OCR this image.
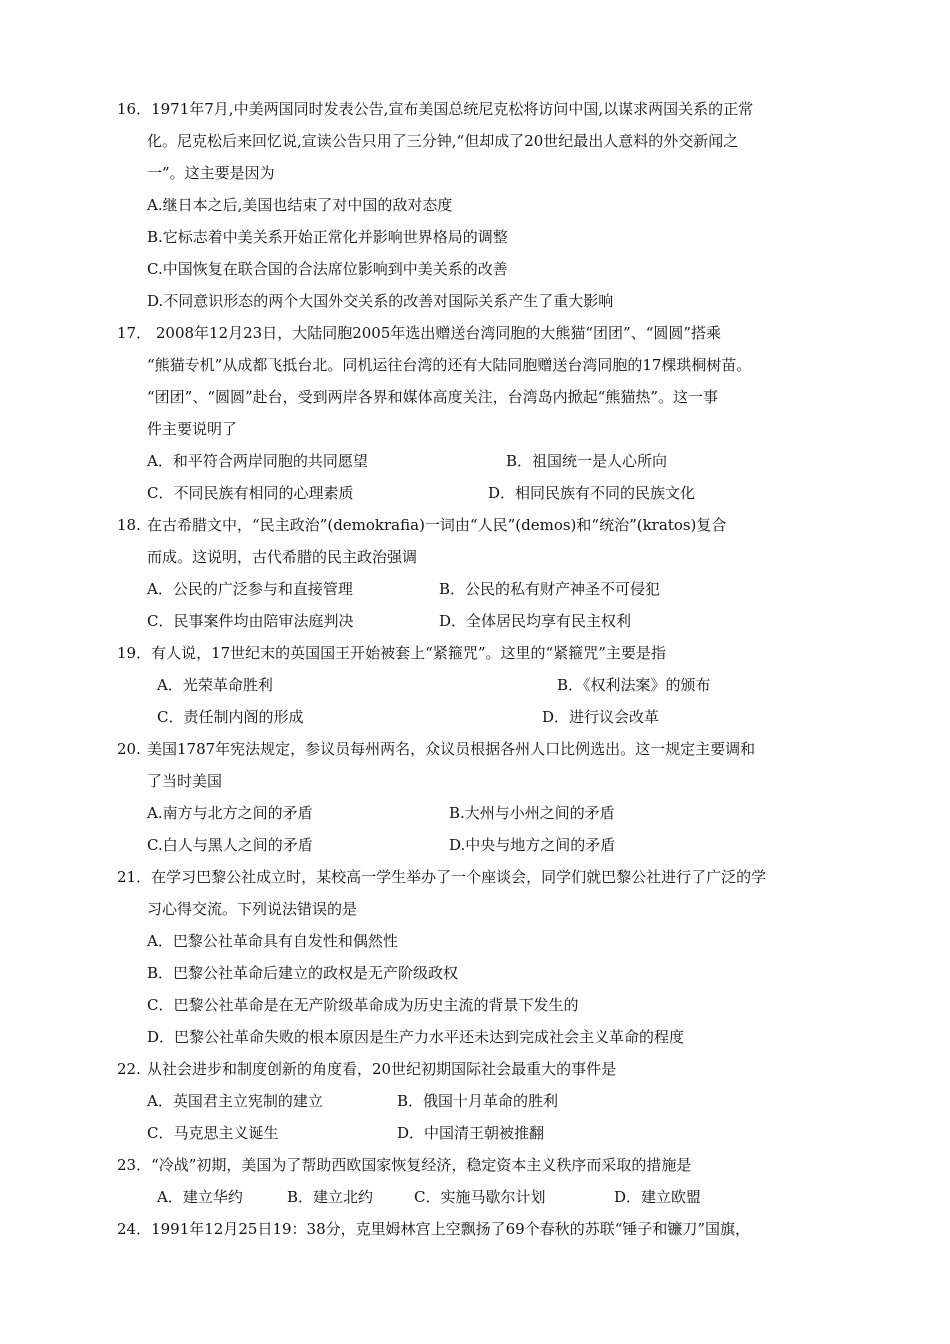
16．1971年7月,中美两国同时发表公告,宣布美国总统尼克松将访问中国,以谋求两国关系的正常
化。尼克松后来回忆说,宣读公告只用了三分钟,“但却成了20世纪最出人意料的外交新闻之
一”。这主要是因为
A.继日本之后,美国也结束了对中国的敌对态度
B.它标志着中美关系开始正常化并影响世界格局的调整
C.中国恢复在联合国的合法席位影响到中美关系的改善
D.不同意识形态的两个大国外交关系的改善对国际关系产生了重大影响
17． 2008年12月23日，大陆同胞2005年选出赠送台湾同胞的大熊猫“团团”、“圆圆”搭乘
“熊猫专机”从成都飞抵台北。同机运往台湾的还有大陆同胞赠送台湾同胞的17棵珙桐树苗。
“团团”、“圆圆”赴台，受到两岸各界和媒体高度关注，台湾岛内掀起“熊猫热”。这一事
件主要说明了
A．和平符合两岸同胞的共同愿望	B．祖国统一是人心所向
C．不同民族有相同的心理素质	D．相同民族有不同的民族文化
18. 在古希腊文中，“民主政治”(demokrafia)一词由“人民”(demos)和“统治”(kratos)复合
而成。这说明，古代希腊的民主政治强调
A．公民的广泛参与和直接管理	B．公民的私有财产神圣不可侵犯
C．民事案件均由陪审法庭判决	D．全体居民均享有民主权利
19．有人说，17世纪末的英国国王开始被套上“紧箍咒”。这里的“紧箍咒”主要是指
A．光荣革命胜利	B．《权利法案》的颁布
C．责任制内阁的形成	D．进行议会改革
20. 美国1787年宪法规定，参议员每州两名，众议员根据各州人口比例选出。这一规定主要调和
了当时美国
A.南方与北方之间的矛盾	B.大州与小州之间的矛盾
C.白人与黑人之间的矛盾	D.中央与地方之间的矛盾
21．在学习巴黎公社成立时，某校高一学生举办了一个座谈会，同学们就巴黎公社进行了广泛的学
习心得交流。下列说法错误的是
A．巴黎公社革命具有自发性和偶然性
B．巴黎公社革命后建立的政权是无产阶级政权
C．巴黎公社革命是在无产阶级革命成为历史主流的背景下发生的
D．巴黎公社革命失败的根本原因是生产力水平还未达到完成社会主义革命的程度
22. 从社会进步和制度创新的角度看，20世纪初期国际社会最重大的事件是
A．英国君主立宪制的建立	B．俄国十月革命的胜利
C．马克思主义诞生	D．中国清王朝被推翻
23．“冷战”初期，美国为了帮助西欧国家恢复经济，稳定资本主义秩序而采取的措施是
A．建立华约	B．建立北约	C．实施马歇尔计划	D．建立欧盟
24．1991年12月25日19：38分，克里姆林宫上空飘扬了69个春秋的苏联“锤子和镰刀”国旗，
